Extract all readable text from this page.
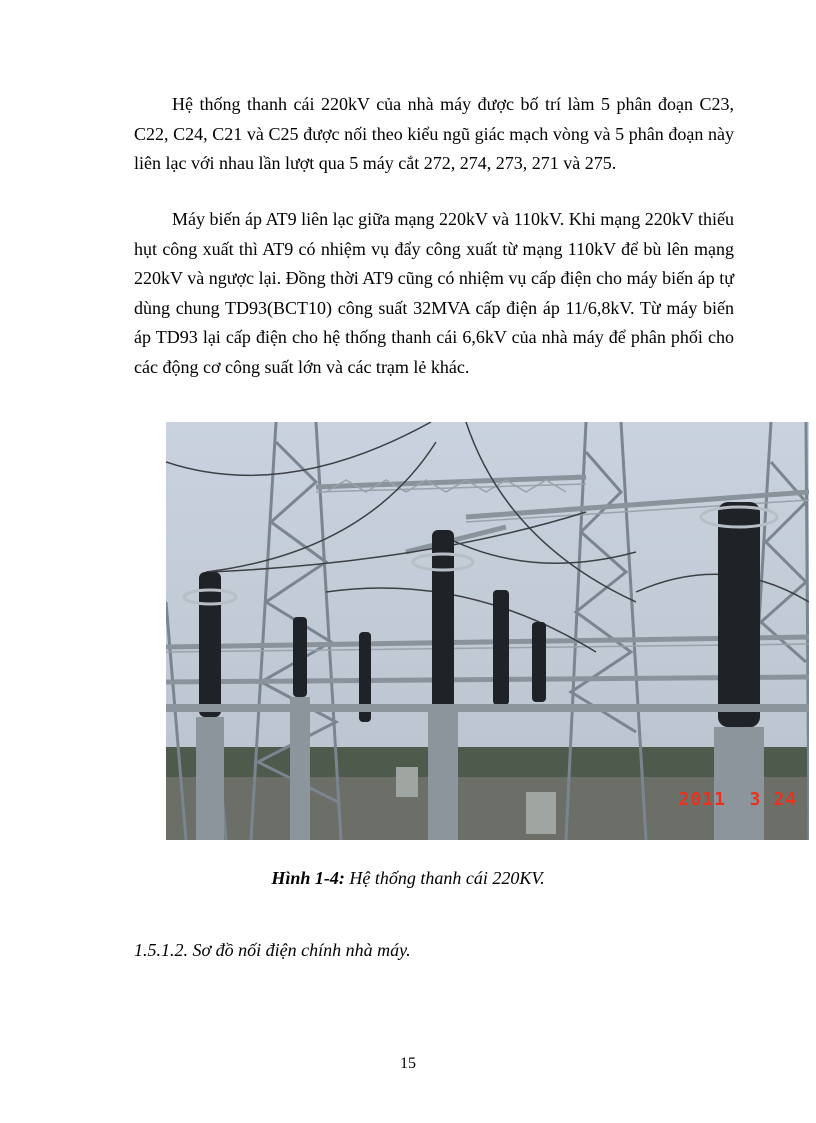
Hệ thống thanh cái 220kV của nhà máy được bố trí làm 5 phân đoạn C23, C22, C24, C21 và C25 được nối theo kiểu ngũ giác mạch vòng và 5 phân đoạn này liên lạc với nhau lần lượt qua 5 máy cắt 272, 274, 273, 271 và 275.

Máy biến áp AT9 liên lạc giữa mạng 220kV và 110kV. Khi mạng 220kV thiếu hụt công xuất thì AT9 có nhiệm vụ đẩy công xuất từ mạng 110kV để bù lên mạng 220kV và ngược lại. Đồng thời AT9 cũng có nhiệm vụ cấp điện cho máy biến áp tự dùng chung TD93(BCT10) công suất 32MVA cấp điện áp 11/6,8kV. Từ máy biến áp TD93 lại cấp điện cho hệ thống thanh cái 6,6kV của nhà máy để phân phối cho các động cơ công suất lớn và các trạm lẻ khác.

2011  3 24
Hình 1-4: Hệ thống thanh cái 220KV.
1.5.1.2. Sơ đồ nối điện chính nhà máy.
15
